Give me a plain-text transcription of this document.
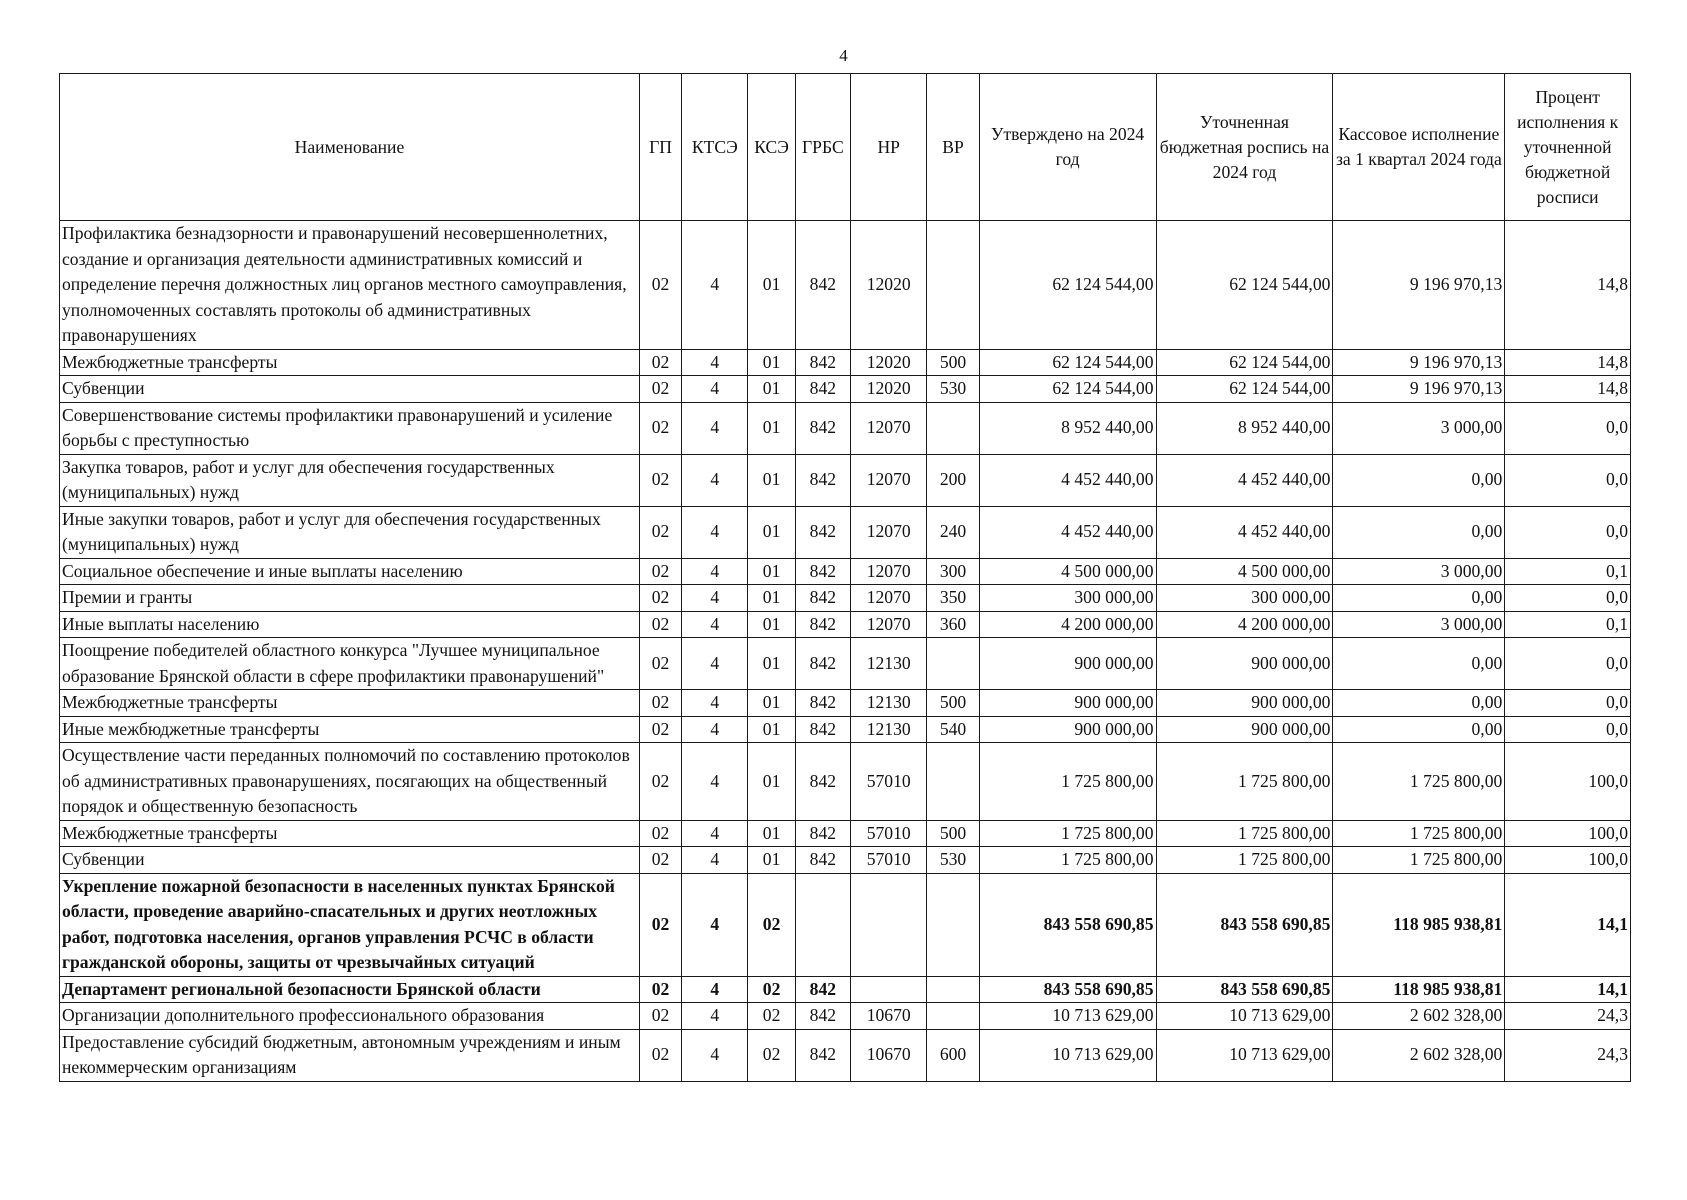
4
Наименование	ГП	КТСЭ	КСЭ	ГРБС	НР	ВР	Утверждено на 2024 год	Уточненная бюджетная роспись на 2024 год	Кассовое исполнение за 1 квартал 2024 года	Процент исполнения к уточненной бюджетной росписи
Профилактика безнадзорности и правонарушений несовершеннолетних, создание и организация деятельности административных комиссий и определение перечня должностных лиц органов местного самоуправления, уполномоченных составлять протоколы об административных правонарушениях	02	4	01	842	12020		62 124 544,00	62 124 544,00	9 196 970,13	14,8
Межбюджетные трансферты	02	4	01	842	12020	500	62 124 544,00	62 124 544,00	9 196 970,13	14,8
Субвенции	02	4	01	842	12020	530	62 124 544,00	62 124 544,00	9 196 970,13	14,8
Совершенствование системы профилактики правонарушений и усиление борьбы с преступностью	02	4	01	842	12070		8 952 440,00	8 952 440,00	3 000,00	0,0
Закупка товаров, работ и услуг для обеспечения государственных (муниципальных) нужд	02	4	01	842	12070	200	4 452 440,00	4 452 440,00	0,00	0,0
Иные закупки товаров, работ и услуг для обеспечения государственных (муниципальных) нужд	02	4	01	842	12070	240	4 452 440,00	4 452 440,00	0,00	0,0
Социальное обеспечение и иные выплаты населению	02	4	01	842	12070	300	4 500 000,00	4 500 000,00	3 000,00	0,1
Премии и гранты	02	4	01	842	12070	350	300 000,00	300 000,00	0,00	0,0
Иные выплаты населению	02	4	01	842	12070	360	4 200 000,00	4 200 000,00	3 000,00	0,1
Поощрение победителей областного конкурса "Лучшее муниципальное образование Брянской области в сфере профилактики правонарушений"	02	4	01	842	12130		900 000,00	900 000,00	0,00	0,0
Межбюджетные трансферты	02	4	01	842	12130	500	900 000,00	900 000,00	0,00	0,0
Иные межбюджетные трансферты	02	4	01	842	12130	540	900 000,00	900 000,00	0,00	0,0
Осуществление части переданных полномочий по составлению протоколов об административных правонарушениях, посягающих на общественный порядок и общественную безопасность	02	4	01	842	57010		1 725 800,00	1 725 800,00	1 725 800,00	100,0
Межбюджетные трансферты	02	4	01	842	57010	500	1 725 800,00	1 725 800,00	1 725 800,00	100,0
Субвенции	02	4	01	842	57010	530	1 725 800,00	1 725 800,00	1 725 800,00	100,0
Укрепление пожарной безопасности в населенных пунктах Брянской области, проведение аварийно-спасательных и других неотложных работ, подготовка населения, органов управления РСЧС в области гражданской обороны, защиты от чрезвычайных ситуаций	02	4	02				843 558 690,85	843 558 690,85	118 985 938,81	14,1
Департамент региональной безопасности Брянской области	02	4	02	842			843 558 690,85	843 558 690,85	118 985 938,81	14,1
Организации дополнительного профессионального образования	02	4	02	842	10670		10 713 629,00	10 713 629,00	2 602 328,00	24,3
Предоставление субсидий бюджетным, автономным учреждениям и иным некоммерческим организациям	02	4	02	842	10670	600	10 713 629,00	10 713 629,00	2 602 328,00	24,3
